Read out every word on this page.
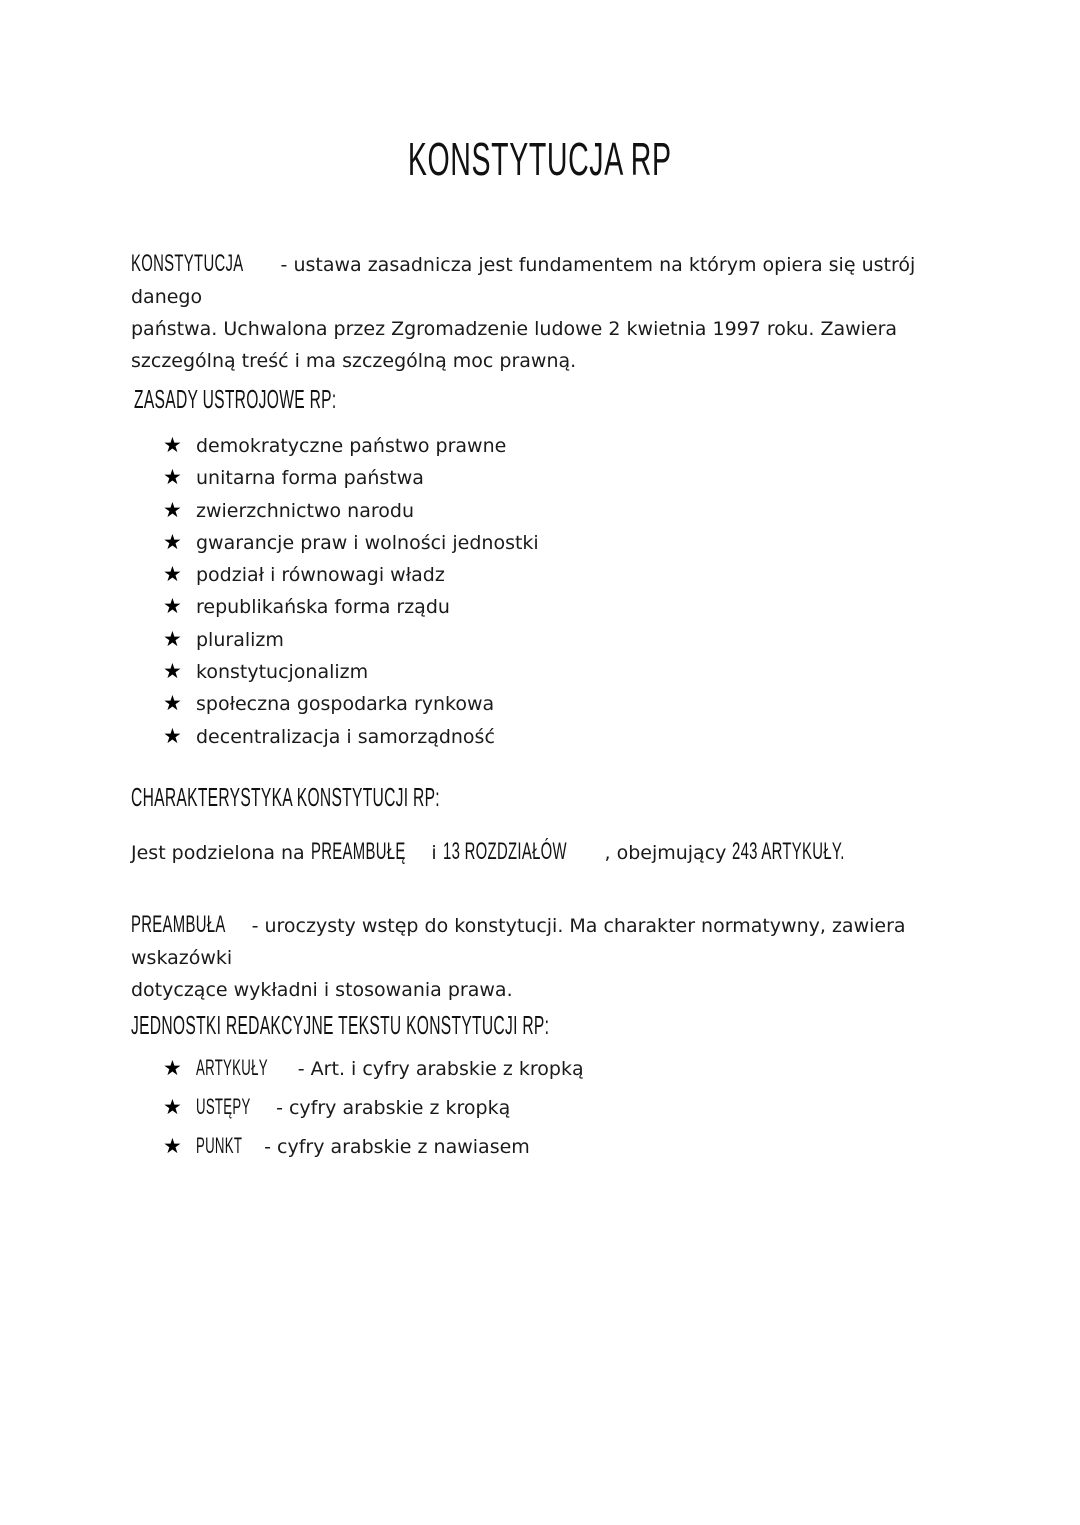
KONSTYTUCJA RP
KONSTYTUCJA - ustawa zasadnicza jest fundamentem na którym opiera się ustrój danego
państwa. Uchwalona przez Zgromadzenie ludowe 2 kwietnia 1997 roku. Zawiera
szczególną treść i ma szczególną moc prawną.
ZASADY USTROJOWE RP:
★ demokratyczne państwo prawne
★ unitarna forma państwa
★ zwierzchnictwo narodu
★ gwarancje praw i wolności jednostki
★ podział i równowagi władz
★ republikańska forma rządu
★ pluralizm
★ konstytucjonalizm
★ społeczna gospodarka rynkowa
★ decentralizacja i samorządność
CHARAKTERYSTYKA KONSTYTUCJI RP:
Jest podzielona na PREAMBUŁĘ i 13 ROZDZIAŁÓW , obejmujący 243 ARTYKUŁY.
PREAMBUŁA - uroczysty wstęp do konstytucji. Ma charakter normatywny, zawiera wskazówki
dotyczące wykładni i stosowania prawa.
JEDNOSTKI REDAKCYJNE TEKSTU KONSTYTUCJI RP:
★ ARTYKUŁY - Art. i cyfry arabskie z kropką
★ USTĘPY - cyfry arabskie z kropką
★ PUNKT - cyfry arabskie z nawiasem
